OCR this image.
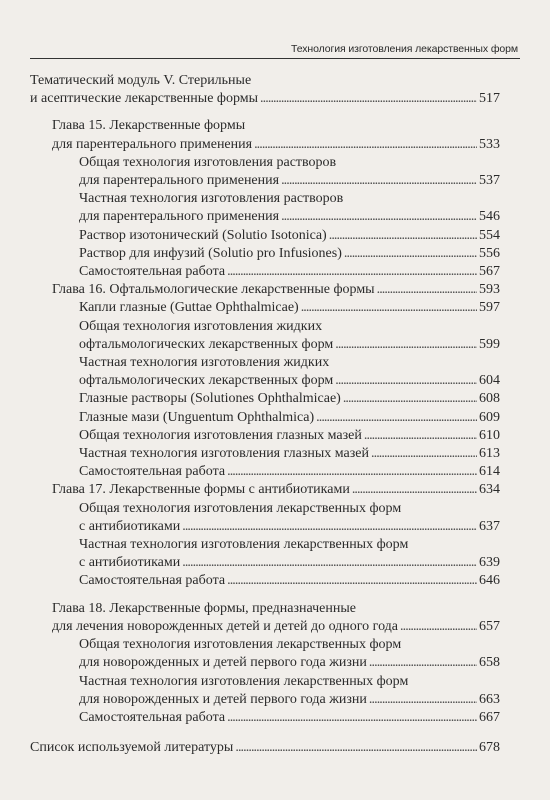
Технология изготовления лекарственных форм
Тематический модуль V. Стерильные
и асептические лекарственные формы . . .	517
Глава 15. Лекарственные формы
для парентерального применения . . .	533
Общая технология изготовления растворов
для парентерального применения . . .	537
Частная технология изготовления растворов
для парентерального применения . . .	546
Раствор изотонический (Solutio Isotonica) . . .	554
Раствор для инфузий (Solutio pro Infusiones) . . .	556
Самостоятельная работа . . .	567
Глава 16. Офтальмологические лекарственные формы . . .	593
Капли глазные (Guttae Ophthalmicae) . . .	597
Общая технология изготовления жидких
офтальмологических лекарственных форм . . .	599
Частная технология изготовления жидких
офтальмологических лекарственных форм . . .	604
Глазные растворы (Solutiones Ophthalmicae) . . .	608
Глазные мази (Unguentum Ophthalmica) . . .	609
Общая технология изготовления глазных мазей . . .	610
Частная технология изготовления глазных мазей . . .	613
Самостоятельная работа . . .	614
Глава 17. Лекарственные формы с антибиотиками . . .	634
Общая технология изготовления лекарственных форм
с антибиотиками . . .	637
Частная технология изготовления лекарственных форм
с антибиотиками . . .	639
Самостоятельная работа . . .	646
Глава 18. Лекарственные формы, предназначенные
для лечения новорожденных детей и детей до одного года . . .	657
Общая технология изготовления лекарственных форм
для новорожденных и детей первого года жизни . . .	658
Частная технология изготовления лекарственных форм
для новорожденных и детей первого года жизни . . .	663
Самостоятельная работа . . .	667
Список используемой литературы . . .	678
